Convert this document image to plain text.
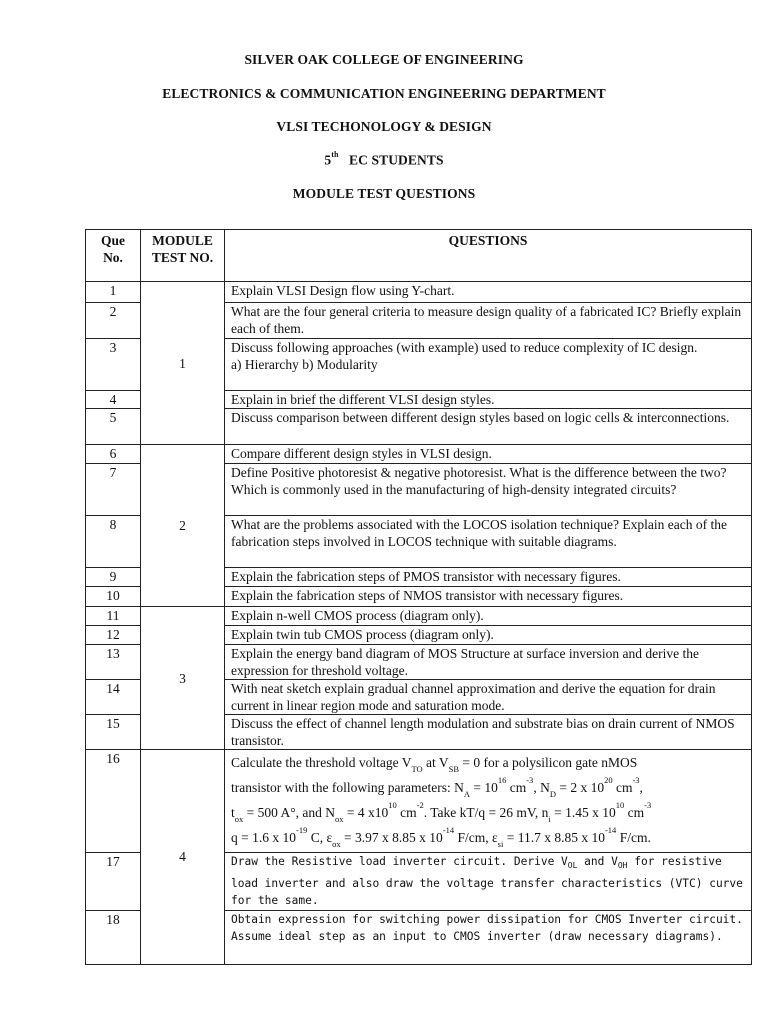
SILVER OAK COLLEGE OF ENGINEERING
ELECTRONICS & COMMUNICATION ENGINEERING DEPARTMENT
VLSI TECHONOLOGY & DESIGN
5th EC STUDENTS
MODULE TEST QUESTIONS
Que No.	MODULE TEST NO.	QUESTIONS
1	1	Explain VLSI Design flow using Y-chart.
2		What are the four general criteria to measure design quality of a fabricated IC? Briefly explain each of them.
3		Discuss following approaches (with example) used to reduce complexity of IC design.
a) Hierarchy b) Modularity

4		Explain in brief the different VLSI design styles.
5		Discuss comparison between different design styles based on logic cells & interconnections.
6	2	Compare different design styles in VLSI design.
7		Define Positive photoresist & negative photoresist. What is the difference between the two? Which is commonly used in the manufacturing of high-density integrated circuits?
8		What are the problems associated with the LOCOS isolation technique? Explain each of the fabrication steps involved in LOCOS technique with suitable diagrams.
9		Explain the fabrication steps of PMOS transistor with necessary figures.
10		Explain the fabrication steps of NMOS transistor with necessary figures.
11	3	Explain n-well CMOS process (diagram only).
12		Explain twin tub CMOS process (diagram only).
13		Explain the energy band diagram of MOS Structure at surface inversion and derive the expression for threshold voltage.
14		With neat sketch explain gradual channel approximation and derive the equation for drain current in linear region mode and saturation mode.
15		Discuss the effect of channel length modulation and substrate bias on drain current of NMOS transistor.
16	4	Calculate the threshold voltage $V_{TO}$ at $V_{SB} = 0$ for a polysilicon gate nMOS
transistor with the following parameters: $N_A = 10^{16}$ $cm^{-3}$, $N_D = 2$ x $10^{20}$ $cm^{-3}$,
$t_{ox} = 500$ A°, and $N_{ox} = 4$ $x10^{10}$ $cm^{-2}$. Take kT/q = 26 mV, $n_i = 1.45$ x $10^{10}$ $cm^{-3}$
q = 1.6 x $10^{-19}$ C, $\varepsilon_{ox} = 3.97$ x 8.85 x $10^{-14}$ F/cm, $\varepsilon_{si} = 11.7$ x 8.85 x $10^{-14}$ F/cm.

17		Draw the Resistive load inverter circuit. Derive $V_{OL}$ and $V_{OH}$ for resistive load inverter and also draw the voltage transfer characteristics (VTC) curve for the same.
18		Obtain expression for switching power dissipation for CMOS Inverter circuit. Assume ideal step as an input to CMOS inverter (draw necessary diagrams).
